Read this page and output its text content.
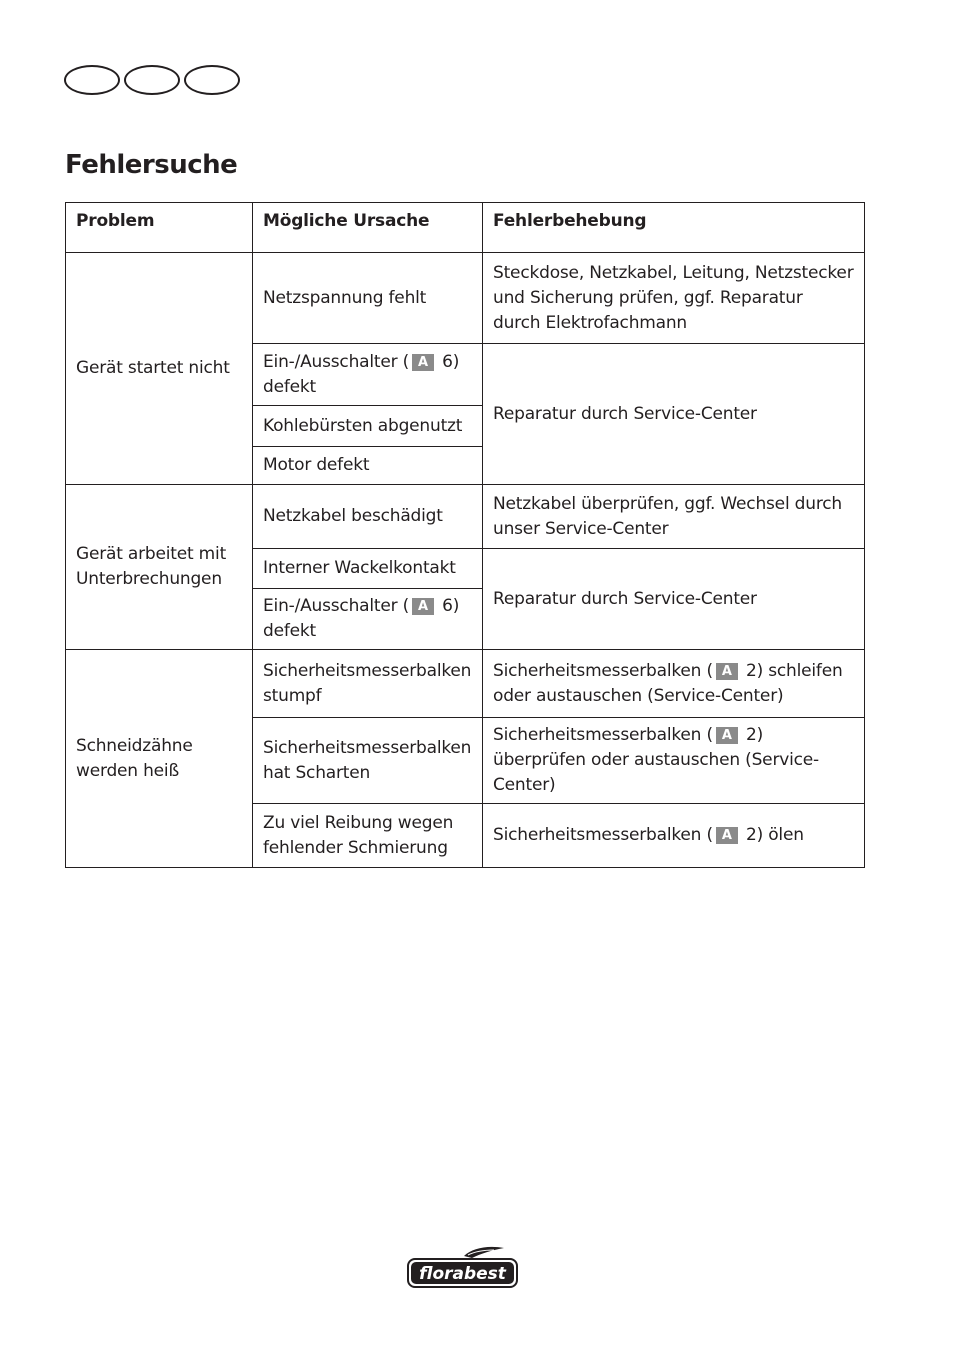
Fehlersuche
Problem	Mögliche Ursache	Fehlerbehebung
Gerät startet nicht	Netzspannung fehlt	Steckdose, Netzkabel, Leitung, Netzstecker und Sicherung prüfen, ggf. Reparatur durch Elektrofachmann
	Ein-/Ausschalter ( A 6) defekt	Reparatur durch Service-Center
	Kohlebürsten abgenutzt	
	Motor defekt	
Gerät arbeitet mit Unterbrechungen	Netzkabel beschädigt	Netzkabel überprüfen, ggf. Wechsel durch unser Service-Center
	Interner Wackelkontakt	Reparatur durch Service-Center
	Ein-/Ausschalter ( A 6) defekt	
Schneidzähne werden heiß	Sicherheitsmesserbalken stumpf	Sicherheitsmesserbalken ( A 2) schleifen oder austauschen (Service-Center)
	Sicherheitsmesserbalken hat Scharten	Sicherheitsmesserbalken ( A 2) überprüfen oder austauschen (Service-Center)
	Zu viel Reibung wegen fehlender Schmierung	Sicherheitsmesserbalken ( A 2) ölen
florabest
